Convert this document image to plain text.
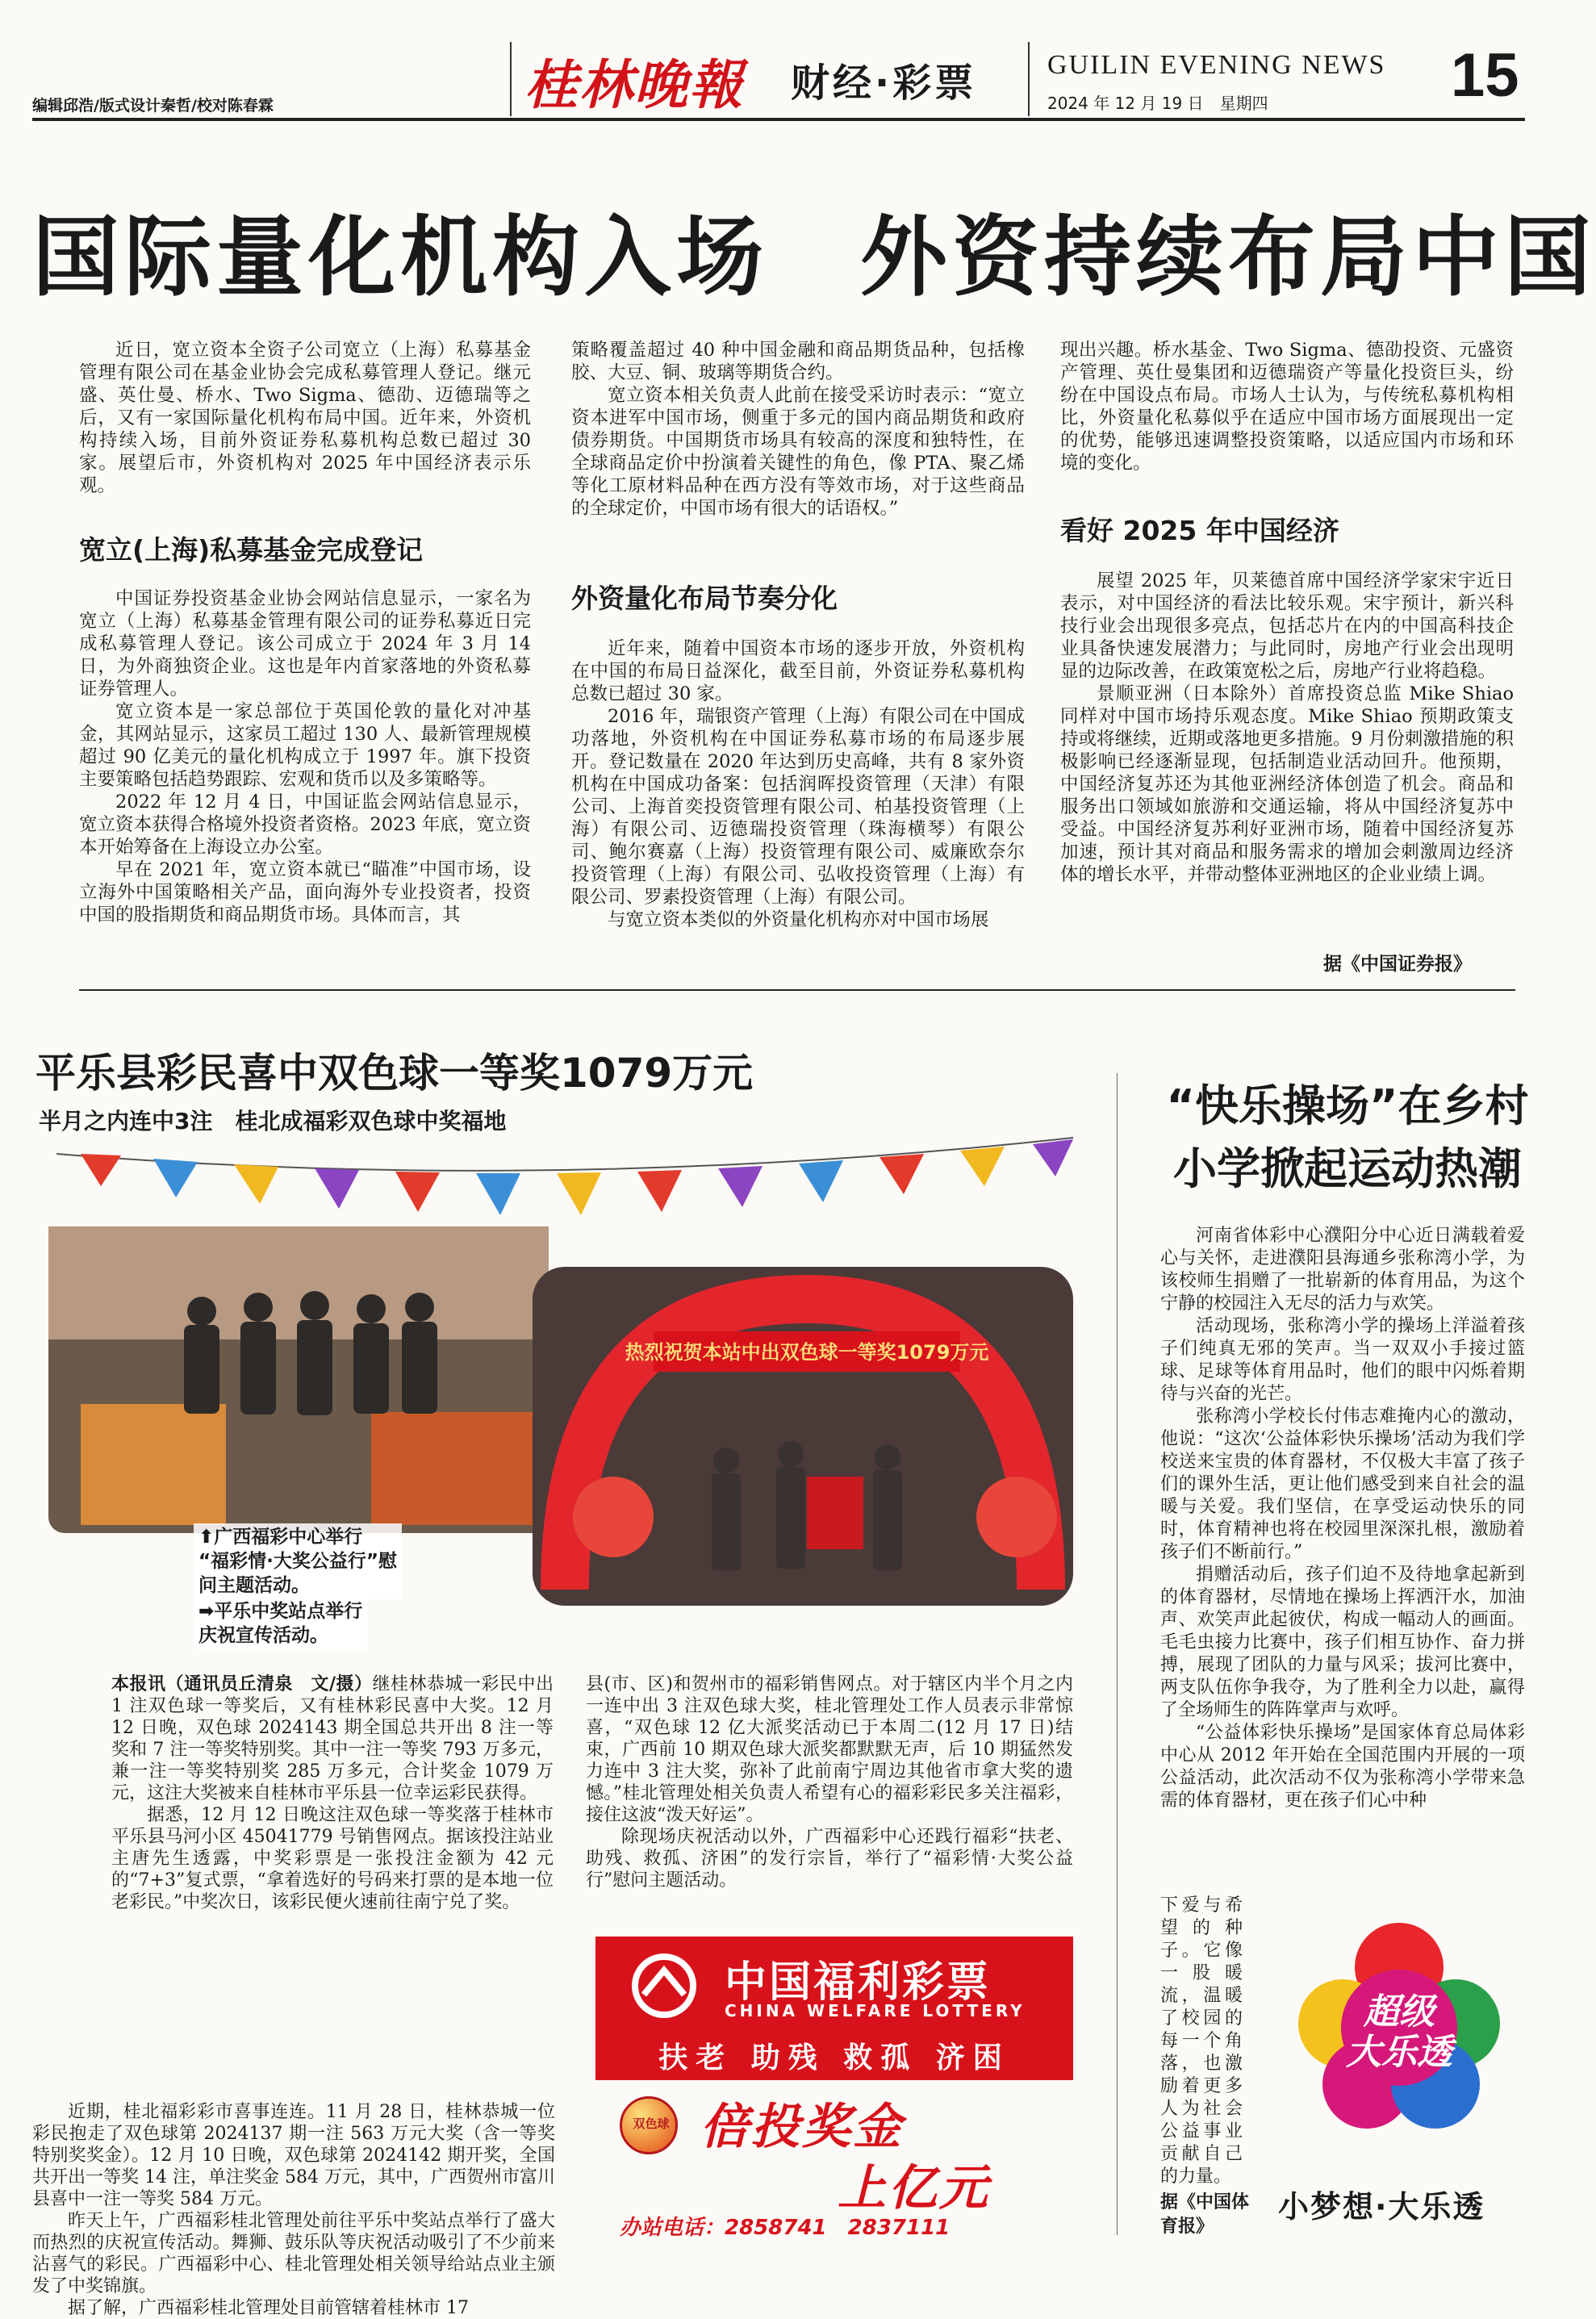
编辑邱浩/版式设计秦哲/校对陈春霖	桂林晚報 财经·彩票	GUILIN EVENING NEWS
2024 年 12 月 19 日　星期四	15
国际量化机构入场　外资持续布局中国

近日，宽立资本全资子公司宽立（上海）私募基金管理有限公司在基金业协会完成私募管理人登记。继元盛、英仕曼、桥水、Two Sigma、德劭、迈德瑞等之后，又有一家国际量化机构布局中国。近年来，外资机构持续入场，目前外资证券私募机构总数已超过 30 家。展望后市，外资机构对 2025 年中国经济表示乐观。

宽立(上海)私募基金完成登记

中国证券投资基金业协会网站信息显示，一家名为宽立（上海）私募基金管理有限公司的证券私募近日完成私募管理人登记。该公司成立于 2024 年 3 月 14 日，为外商独资企业。这也是年内首家落地的外资私募证券管理人。

宽立资本是一家总部位于英国伦敦的量化对冲基金，其网站显示，这家员工超过 130 人、最新管理规模超过 90 亿美元的量化机构成立于 1997 年。旗下投资主要策略包括趋势跟踪、宏观和货币以及多策略等。

2022 年 12 月 4 日，中国证监会网站信息显示，宽立资本获得合格境外投资者资格。2023 年底，宽立资本开始筹备在上海设立办公室。

早在 2021 年，宽立资本就已“瞄准”中国市场，设立海外中国策略相关产品，面向海外专业投资者，投资中国的股指期货和商品期货市场。具体而言，其

策略覆盖超过 40 种中国金融和商品期货品种，包括橡胶、大豆、铜、玻璃等期货合约。

宽立资本相关负责人此前在接受采访时表示：“宽立资本进军中国市场，侧重于多元的国内商品期货和政府债券期货。中国期货市场具有较高的深度和独特性，在全球商品定价中扮演着关键性的角色，像 PTA、聚乙烯等化工原材料品种在西方没有等效市场，对于这些商品的全球定价，中国市场有很大的话语权。”

外资量化布局节奏分化

近年来，随着中国资本市场的逐步开放，外资机构在中国的布局日益深化，截至目前，外资证券私募机构总数已超过 30 家。

2016 年，瑞银资产管理（上海）有限公司在中国成功落地，外资机构在中国证券私募市场的布局逐步展开。登记数量在 2020 年达到历史高峰，共有 8 家外资机构在中国成功备案：包括润晖投资管理（天津）有限公司、上海首奕投资管理有限公司、柏基投资管理（上海）有限公司、迈德瑞投资管理（珠海横琴）有限公司、鲍尔赛嘉（上海）投资管理有限公司、威廉欧奈尔投资管理（上海）有限公司、弘收投资管理（上海）有限公司、罗素投资管理（上海）有限公司。

与宽立资本类似的外资量化机构亦对中国市场展

现出兴趣。桥水基金、Two Sigma、德劭投资、元盛资产管理、英仕曼集团和迈德瑞资产等量化投资巨头，纷纷在中国设点布局。市场人士认为，与传统私募机构相比，外资量化私募似乎在适应中国市场方面展现出一定的优势，能够迅速调整投资策略，以适应国内市场和环境的变化。

看好 2025 年中国经济

展望 2025 年，贝莱德首席中国经济学家宋宇近日表示，对中国经济的看法比较乐观。宋宇预计，新兴科技行业会出现很多亮点，包括芯片在内的中国高科技企业具备快速发展潜力；与此同时，房地产行业会出现明显的边际改善，在政策宽松之后，房地产行业将趋稳。

景顺亚洲（日本除外）首席投资总监 Mike Shiao 同样对中国市场持乐观态度。Mike Shiao 预期政策支持或将继续，近期或落地更多措施。9 月份刺激措施的积极影响已经逐渐显现，包括制造业活动回升。他预期，中国经济复苏还为其他亚洲经济体创造了机会。商品和服务出口领域如旅游和交通运输，将从中国经济复苏中受益。中国经济复苏利好亚洲市场，随着中国经济复苏加速，预计其对商品和服务需求的增加会刺激周边经济体的增长水平，并带动整体亚洲地区的企业业绩上调。

据《中国证券报》
平乐县彩民喜中双色球一等奖1079万元
半月之内连中3注　桂北成福彩双色球中奖福地
热烈祝贺本站中出双色球一等奖1079万元
⬆广西福彩中心举行
“福彩情·大奖公益行”慰
问主题活动。
➡平乐中奖站点举行
庆祝宣传活动。

本报讯（通讯员丘清泉　文/摄）继桂林恭城一彩民中出 1 注双色球一等奖后，又有桂林彩民喜中大奖。12 月 12 日晚，双色球 2024143 期全国总共开出 8 注一等奖和 7 注一等奖特别奖。其中一注一等奖 793 万多元，兼一注一等奖特别奖 285 万多元，合计奖金 1079 万元，这注大奖被来自桂林市平乐县一位幸运彩民获得。

据悉，12 月 12 日晚这注双色球一等奖落于桂林市平乐县马河小区 45041779 号销售网点。据该投注站业主唐先生透露，中奖彩票是一张投注金额为 42 元的“7+3”复式票，“拿着选好的号码来打票的是本地一位老彩民。”中奖次日，该彩民便火速前往南宁兑了奖。

近期，桂北福彩彩市喜事连连。11 月 28 日，桂林恭城一位彩民抱走了双色球第 2024137 期一注 563 万元大奖（含一等奖特别奖奖金）。12 月 10 日晚，双色球第 2024142 期开奖，全国共开出一等奖 14 注，单注奖金 584 万元，其中，广西贺州市富川县喜中一注一等奖 584 万元。

昨天上午，广西福彩桂北管理处前往平乐中奖站点举行了盛大而热烈的庆祝宣传活动。舞狮、鼓乐队等庆祝活动吸引了不少前来沾喜气的彩民。广西福彩中心、桂北管理处相关领导给站点业主颁发了中奖锦旗。

据了解，广西福彩桂北管理处目前管辖着桂林市 17

县(市、区)和贺州市的福彩销售网点。对于辖区内半个月之内一连中出 3 注双色球大奖，桂北管理处工作人员表示非常惊喜，“双色球 12 亿大派奖活动已于本周二(12 月 17 日)结束，广西前 10 期双色球大派奖都默默无声，后 10 期猛然发力连中 3 注大奖，弥补了此前南宁周边其他省市拿大奖的遗憾。”桂北管理处相关负责人希望有心的福彩彩民多关注福彩，接住这波“泼天好运”。

除现场庆祝活动以外，广西福彩中心还践行福彩“扶老、助残、救孤、济困”的发行宗旨，举行了“福彩情·大奖公益行”慰问主题活动。

中国福利彩票
CHINA WELFARE LOTTERY
扶老 助残 救孤 济困
双色球 倍投奖金
上亿元
办站电话：2858741　2837111
“快乐操场”在乡村
小学掀起运动热潮

河南省体彩中心濮阳分中心近日满载着爱心与关怀，走进濮阳县海通乡张称湾小学，为该校师生捐赠了一批崭新的体育用品，为这个宁静的校园注入无尽的活力与欢笑。

活动现场，张称湾小学的操场上洋溢着孩子们纯真无邪的笑声。当一双双小手接过篮球、足球等体育用品时，他们的眼中闪烁着期待与兴奋的光芒。

张称湾小学校长付伟志难掩内心的激动，他说：“这次‘公益体彩快乐操场’活动为我们学校送来宝贵的体育器材，不仅极大丰富了孩子们的课外生活，更让他们感受到来自社会的温暖与关爱。我们坚信，在享受运动快乐的同时，体育精神也将在校园里深深扎根，激励着孩子们不断前行。”

捐赠活动后，孩子们迫不及待地拿起新到的体育器材，尽情地在操场上挥洒汗水，加油声、欢笑声此起彼伏，构成一幅动人的画面。毛毛虫接力比赛中，孩子们相互协作、奋力拼搏，展现了团队的力量与风采；拔河比赛中，两支队伍你争我夺，为了胜利全力以赴，赢得了全场师生的阵阵掌声与欢呼。

“公益体彩快乐操场”是国家体育总局体彩中心从 2012 年开始在全国范围内开展的一项公益活动，此次活动不仅为张称湾小学带来急需的体育器材，更在孩子们心中种

下爱与希望的种子。它像一股暖流，温暖了校园的每一个角落，也激励着更多人为社会公益事业贡献自己的力量。
据《中国体育报》
超级
大乐透
小梦想·大乐透
